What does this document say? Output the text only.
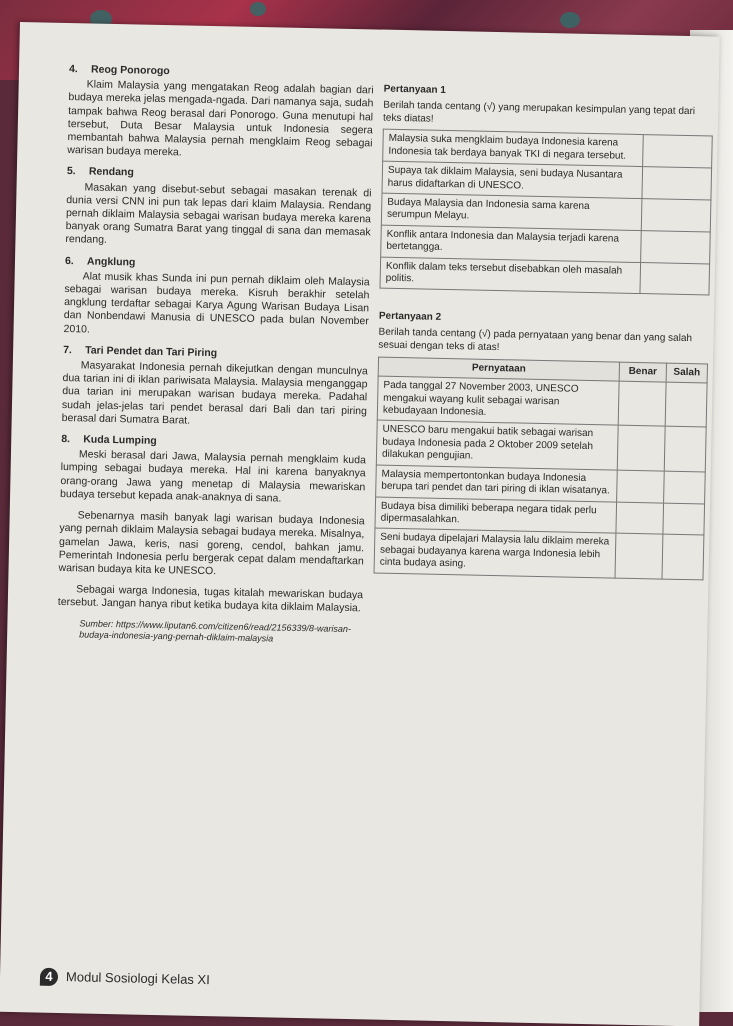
4. Reog Ponorogo
Klaim Malaysia yang mengatakan Reog adalah bagian dari budaya mereka jelas mengada-ngada. Dari namanya saja, sudah tampak bahwa Reog berasal dari Ponorogo. Guna menutupi hal tersebut, Duta Besar Malaysia untuk Indonesia segera membantah bahwa Malaysia pernah mengklaim Reog sebagai warisan budaya mereka.
5. Rendang
Masakan yang disebut-sebut sebagai masakan terenak di dunia versi CNN ini pun tak lepas dari klaim Malaysia. Rendang pernah diklaim Malaysia sebagai warisan budaya mereka karena banyak orang Sumatra Barat yang tinggal di sana dan memasak rendang.
6. Angklung
Alat musik khas Sunda ini pun pernah diklaim oleh Malaysia sebagai warisan budaya mereka. Kisruh berakhir setelah angklung terdaftar sebagai Karya Agung Warisan Budaya Lisan dan Nonbendawi Manusia di UNESCO pada bulan November 2010.
7. Tari Pendet dan Tari Piring
Masyarakat Indonesia pernah dikejutkan dengan munculnya dua tarian ini di iklan pariwisata Malaysia. Malaysia menganggap dua tarian ini merupakan warisan budaya mereka. Padahal sudah jelas-jelas tari pendet berasal dari Bali dan tari piring berasal dari Sumatra Barat.
8. Kuda Lumping
Meski berasal dari Jawa, Malaysia pernah mengklaim kuda lumping sebagai budaya mereka. Hal ini karena banyaknya orang-orang Jawa yang menetap di Malaysia mewariskan budaya tersebut kepada anak-anaknya di sana.
Sebenarnya masih banyak lagi warisan budaya Indonesia yang pernah diklaim Malaysia sebagai budaya mereka. Misalnya, gamelan Jawa, keris, nasi goreng, cendol, bahkan jamu. Pemerintah Indonesia perlu bergerak cepat dalam mendaftarkan warisan budaya kita ke UNESCO.
Sebagai warga Indonesia, tugas kitalah mewariskan budaya tersebut. Jangan hanya ribut ketika budaya kita diklaim Malaysia.
Sumber: https://www.liputan6.com/citizen6/read/2156339/8-warisan-budaya-indonesia-yang-pernah-diklaim-malaysia
Pertanyaan 1
Berilah tanda centang (√) yang merupakan kesimpulan yang tepat dari teks diatas!
Malaysia suka mengklaim budaya Indonesia karena Indonesia tak berdaya banyak TKI di negara tersebut.	
Supaya tak diklaim Malaysia, seni budaya Nusantara harus didaftarkan di UNESCO.	
Budaya Malaysia dan Indonesia sama karena serumpun Melayu.	
Konflik antara Indonesia dan Malaysia terjadi karena bertetangga.	
Konflik dalam teks tersebut disebabkan oleh masalah politis.	
Pertanyaan 2
Berilah tanda centang (√) pada pernyataan yang benar dan yang salah sesuai dengan teks di atas!
Pernyataan	Benar	Salah
Pada tanggal 27 November 2003, UNESCO mengakui wayang kulit sebagai warisan kebudayaan Indonesia.		
UNESCO baru mengakui batik sebagai warisan budaya Indonesia pada 2 Oktober 2009 setelah dilakukan pengujian.		
Malaysia mempertontonkan budaya Indonesia berupa tari pendet dan tari piring di iklan wisatanya.		
Budaya bisa dimiliki beberapa negara tidak perlu dipermasalahkan.		
Seni budaya dipelajari Malaysia lalu diklaim mereka sebagai budayanya karena warga Indonesia lebih cinta budaya asing.		
4 Modul Sosiologi Kelas XI
